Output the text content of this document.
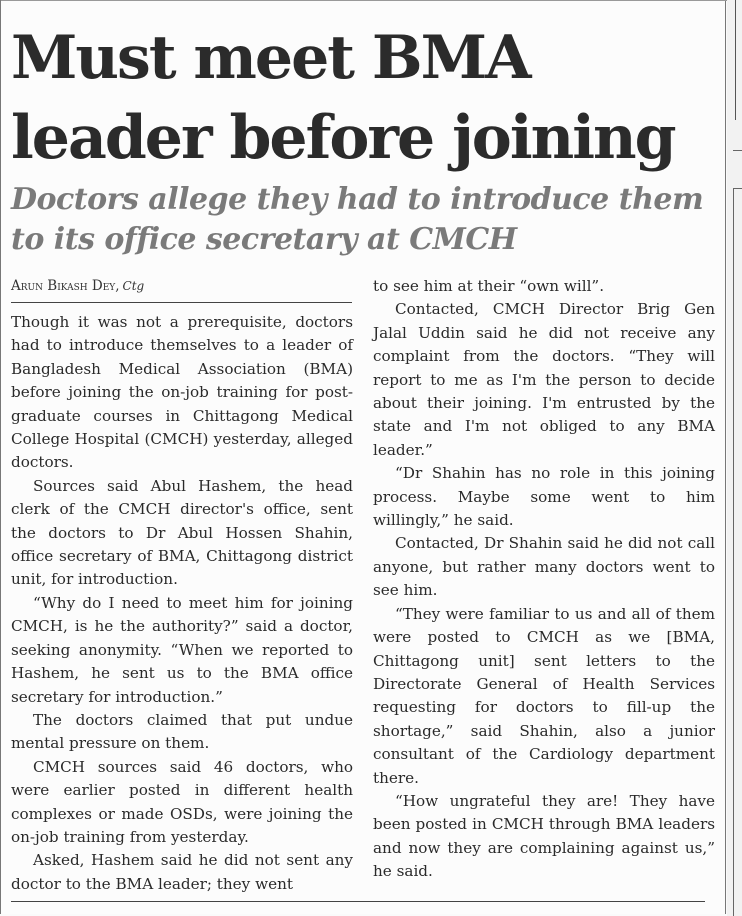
Must meet BMA leader before joining
Doctors allege they had to introduce them to its office secretary at CMCH
Arun Bikash Dey, Ctg

Though it was not a prerequisite, doctors had to introduce themselves to a leader of Bangladesh Medical Association (BMA) before joining the on-job training for post-graduate courses in Chittagong Medical College Hospital (CMCH) yesterday, alleged doctors.

Sources said Abul Hashem, the head clerk of the CMCH director's office, sent the doctors to Dr Abul Hossen Shahin, office secretary of BMA, Chittagong district unit, for introduction.

“Why do I need to meet him for joining CMCH, is he the authority?” said a doctor, seeking anonymity. “When we reported to Hashem, he sent us to the BMA office secretary for introduction.”

The doctors claimed that put undue mental pressure on them.

CMCH sources said 46 doctors, who were earlier posted in different health complexes or made OSDs, were joining the on-job training from yesterday.

Asked, Hashem said he did not sent any doctor to the BMA leader; they went

to see him at their “own will”.

Contacted, CMCH Director Brig Gen Jalal Uddin said he did not receive any complaint from the doctors. “They will report to me as I'm the person to decide about their joining. I'm entrusted by the state and I'm not obliged to any BMA leader.”

“Dr Shahin has no role in this joining process. Maybe some went to him willingly,” he said.

Contacted, Dr Shahin said he did not call anyone, but rather many doctors went to see him.

“They were familiar to us and all of them were posted to CMCH as we [BMA, Chittagong unit] sent letters to the Directorate General of Health Services requesting for doctors to fill-up the shortage,” said Shahin, also a junior consultant of the Cardiology department there.

“How ungrateful they are! They have been posted in CMCH through BMA leaders and now they are complaining against us,” he said.
